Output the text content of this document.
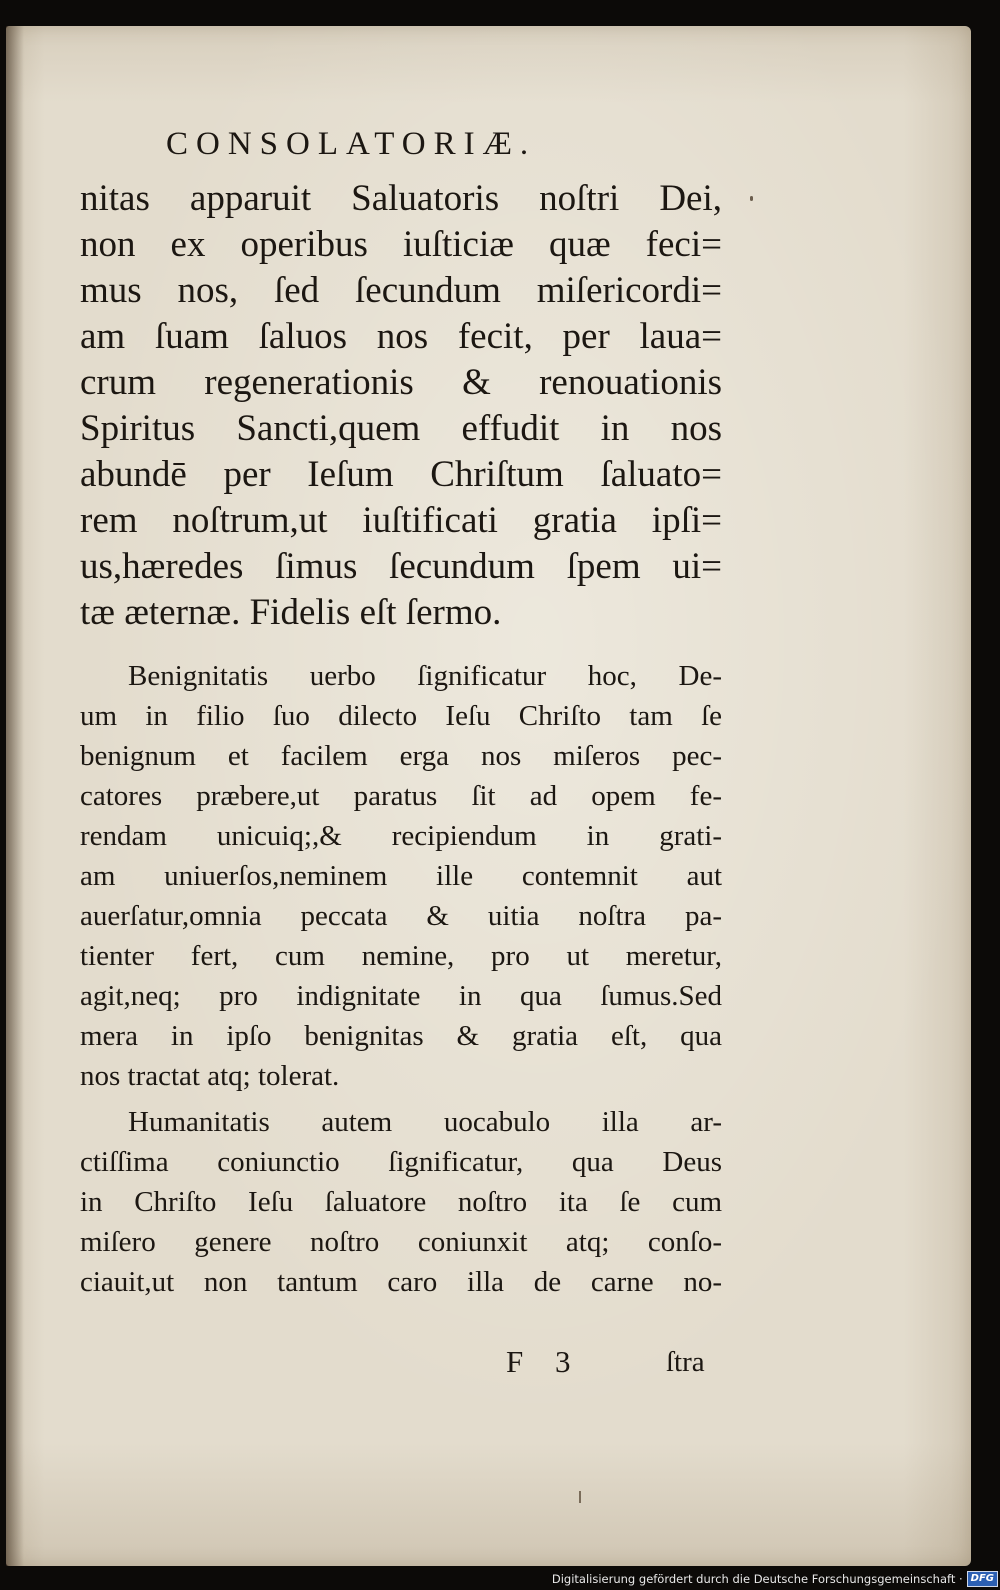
CONSOLATORIÆ.
nitas apparuit Saluatoris noſtri Dei,
non ex operibus iuſticiæ quæ feci=
mus nos, ſed ſecundum miſericordi=
am ſuam ſaluos nos fecit, per laua=
crum regenerationis & renouationis
Spiritus Sancti,quem effudit in nos
abundē per Ieſum Chriſtum ſaluato=
rem noſtrum,ut iuſtificati gratia ipſi=
us,hæredes ſimus ſecundum ſpem ui=
tæ æternæ. Fidelis eſt ſermo.
Benignitatis uerbo ſignificatur hoc, De-
um in filio ſuo dilecto Ieſu Chriſto tam ſe
benignum et facilem erga nos miſeros pec-
catores præbere,ut paratus ſit ad opem fe-
rendam unicuiq;,& recipiendum in grati-
am uniuerſos,neminem ille contemnit aut
auerſatur,omnia peccata & uitia noſtra pa-
tienter fert, cum nemine, pro ut meretur,
agit,neq; pro indignitate in qua ſumus.Sed
mera in ipſo benignitas & gratia eſt, qua
nos tractat atq; tolerat.
Humanitatis autem uocabulo illa ar-
ctiſſima coniunctio ſignificatur, qua Deus
in Chriſto Ieſu ſaluatore noſtro ita ſe cum
miſero genere noſtro coniunxit atq; conſo-
ciauit,ut non tantum caro illa de carne no-
F 3	ſtra
Digitalisierung gefördert durch die Deutsche Forschungsgemeinschaft · DFG
